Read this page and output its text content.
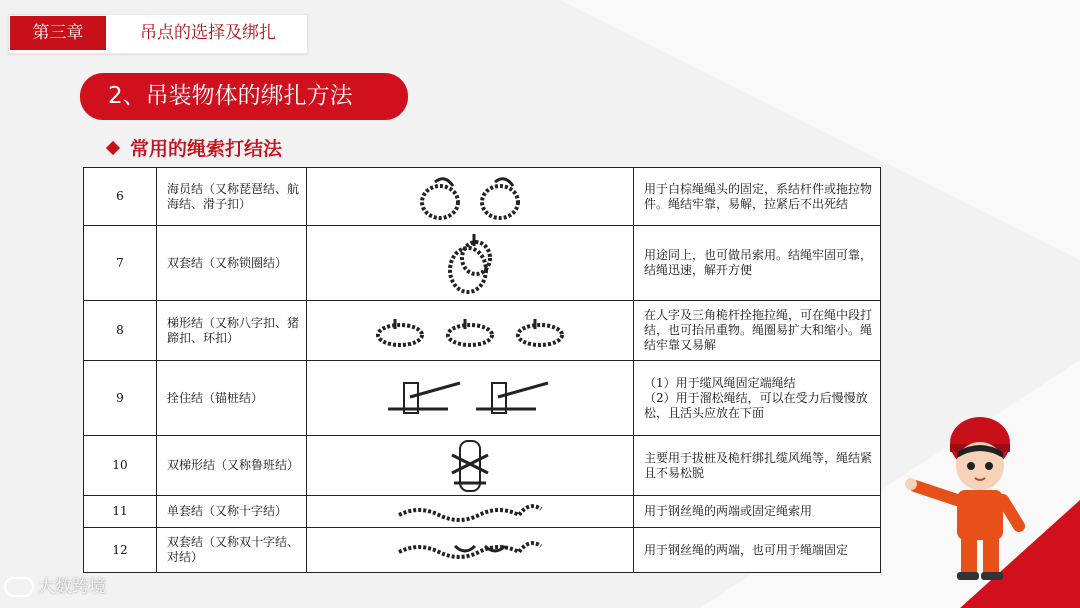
第三章	吊点的选择及绑扎
2、吊装物体的绑扎方法
常用的绳索打结法
6	海员结（又称琵琶结、航海结、滑子扣）		用于白棕绳绳头的固定，系结杆件或拖拉物件。绳结牢靠，易解，拉紧后不出死结
7	双套结（又称锁圈结）		用途同上，也可做吊索用。结绳牢固可靠，结绳迅速，解开方便
8	梯形结（又称八字扣、猪蹄扣、环扣）		在人字及三角桅杆拴拖拉绳，可在绳中段打结，也可抬吊重物。绳圈易扩大和缩小。绳结牢靠又易解
9	拴住结（锚桩结）		（1）用于缆风绳固定端绳结
（2）用于溜松绳结，可以在受力后慢慢放松，且活头应放在下面
10	双梯形结（又称鲁班结）		主要用于拔桩及桅杆绑扎缆风绳等，绳结紧且不易松脱
11	单套结（又称十字结）		用于钢丝绳的两端或固定绳索用
12	双套结（又称双十字结、对结）		用于钢丝绳的两端，也可用于绳端固定
大数跨境
